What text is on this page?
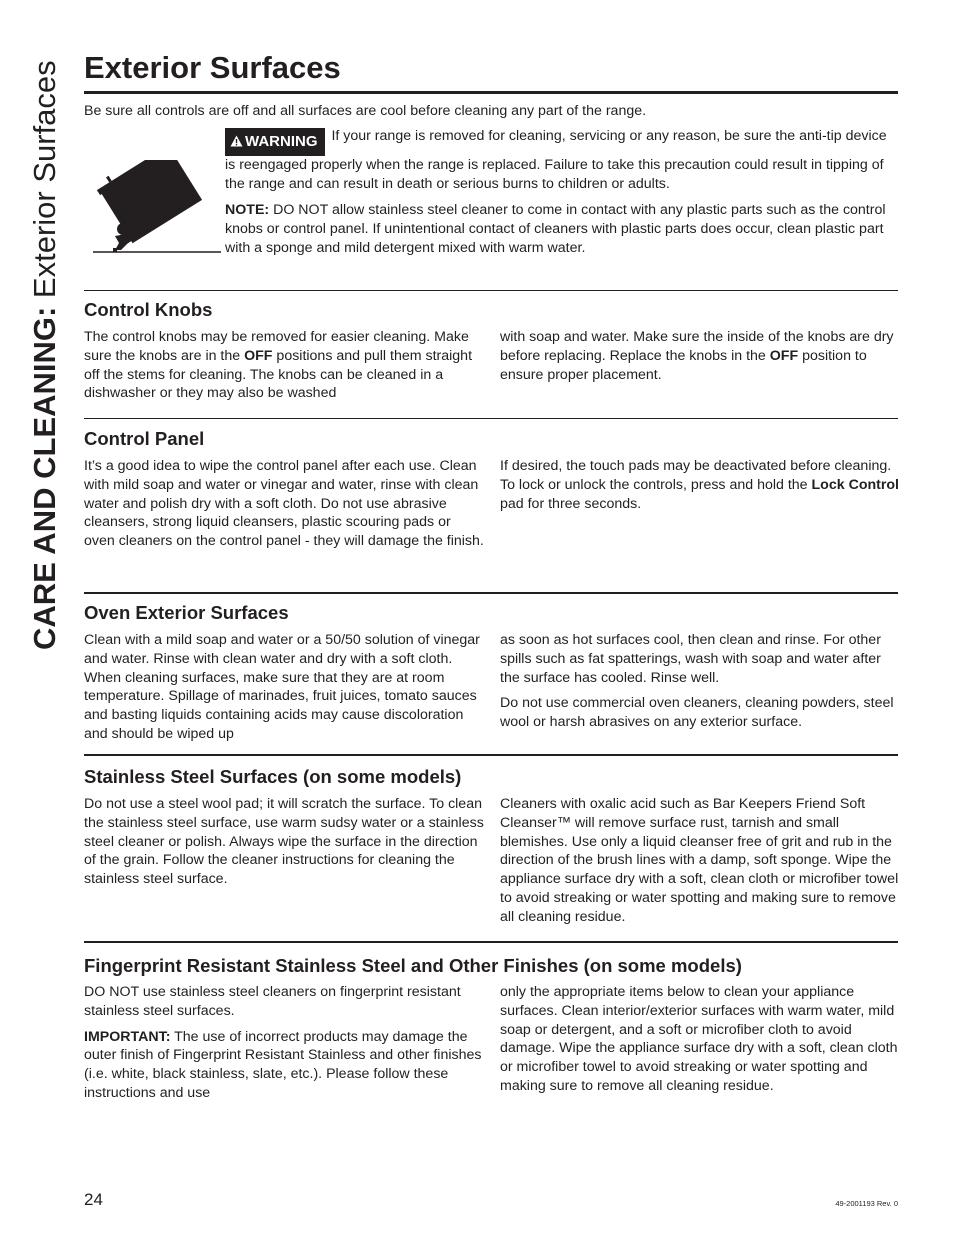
CARE AND CLEANING: Exterior Surfaces Exterior Surfaces
Be sure all controls are off and all surfaces are cool before cleaning any part of the range.
WARNING If your range is removed for cleaning, servicing or any reason, be sure the anti-tip device is reengaged properly when the range is replaced. Failure to take this precaution could result in tipping of the range and can result in death or serious burns to children or adults.
NOTE: DO NOT allow stainless steel cleaner to come in contact with any plastic parts such as the control knobs or control panel. If unintentional contact of cleaners with plastic parts does occur, clean plastic part with a sponge and mild detergent mixed with warm water.
Control Knobs

The control knobs may be removed for easier cleaning. Make sure the knobs are in the OFF positions and pull them straight off the stems for cleaning. The knobs can be cleaned in a dishwasher or they may also be washed

with soap and water. Make sure the inside of the knobs are dry before replacing. Replace the knobs in the OFF position to ensure proper placement.

Control Panel

It’s a good idea to wipe the control panel after each use. Clean with mild soap and water or vinegar and water, rinse with clean water and polish dry with a soft cloth. Do not use abrasive cleansers, strong liquid cleansers, plastic scouring pads or oven cleaners on the control panel - they will damage the finish.

If desired, the touch pads may be deactivated before cleaning. To lock or unlock the controls, press and hold the Lock Control pad for three seconds.

Oven Exterior Surfaces

Clean with a mild soap and water or a 50/50 solution of vinegar and water. Rinse with clean water and dry with a soft cloth. When cleaning surfaces, make sure that they are at room temperature. Spillage of marinades, fruit juices, tomato sauces and basting liquids containing acids may cause discoloration and should be wiped up

as soon as hot surfaces cool, then clean and rinse. For other spills such as fat spatterings, wash with soap and water after the surface has cooled. Rinse well.

Do not use commercial oven cleaners, cleaning powders, steel wool or harsh abrasives on any exterior surface.

Stainless Steel Surfaces (on some models)

Do not use a steel wool pad; it will scratch the surface. To clean the stainless steel surface, use warm sudsy water or a stainless steel cleaner or polish. Always wipe the surface in the direction of the grain. Follow the cleaner instructions for cleaning the stainless steel surface.

Cleaners with oxalic acid such as Bar Keepers Friend Soft Cleanser™ will remove surface rust, tarnish and small blemishes. Use only a liquid cleanser free of grit and rub in the direction of the brush lines with a damp, soft sponge. Wipe the appliance surface dry with a soft, clean cloth or microfiber towel to avoid streaking or water spotting and making sure to remove all cleaning residue.

Fingerprint Resistant Stainless Steel and Other Finishes (on some models)

DO NOT use stainless steel cleaners on fingerprint resistant stainless steel surfaces.

IMPORTANT: The use of incorrect products may damage the outer finish of Fingerprint Resistant Stainless and other finishes (i.e. white, black stainless, slate, etc.). Please follow these instructions and use

only the appropriate items below to clean your appliance surfaces. Clean interior/exterior surfaces with warm water, mild soap or detergent, and a soft or microfiber cloth to avoid damage. Wipe the appliance surface dry with a soft, clean cloth or microfiber towel to avoid streaking or water spotting and making sure to remove all cleaning residue.

24	49-2001193 Rev. 0
